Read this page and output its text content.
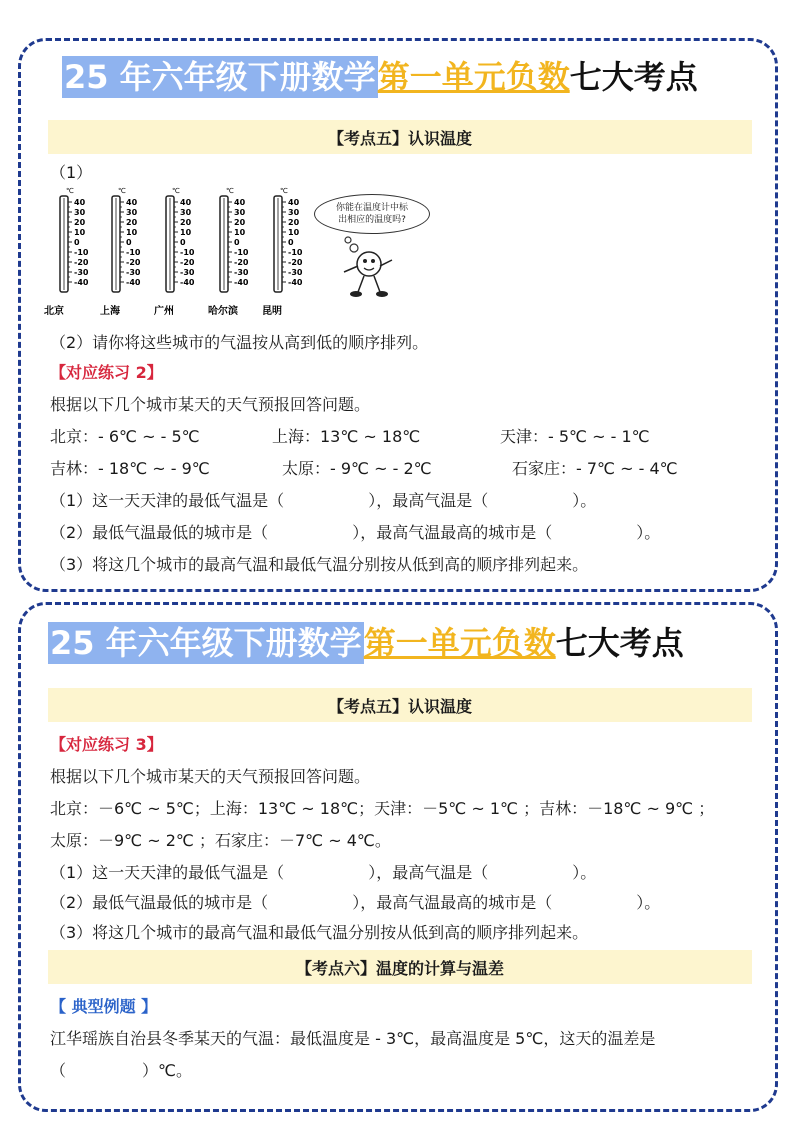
25 年六年级下册数学第一单元负数七大考点
【考点五】认识温度
（1）
℃
40
30
20
10
0
-10
-20
-30
-40
北京
℃
40
30
20
10
0
-10
-20
-30
-40
上海
℃
40
30
20
10
0
-10
-20
-30
-40
广州
℃
40
30
20
10
0
-10
-20
-30
-40
哈尔滨
℃
40
30
20
10
0
-10
-20
-30
-40
昆明
你能在温度计中标出相应的温度吗?
（2）请你将这些城市的气温按从高到低的顺序排列。
【对应练习 2】
根据以下几个城市某天的天气预报回答问题。
北京：- 6℃ ~ - 5℃	上海：13℃ ~ 18℃	天津：- 5℃ ~ - 1℃
吉林：- 18℃ ~ - 9℃	太原：- 9℃ ~ - 2℃	石家庄：- 7℃ ~ - 4℃
（1）这一天天津的最低气温是（	），最高气温是（	）。
（2）最低气温最低的城市是（	），最高气温最高的城市是（	）。
（3）将这几个城市的最高气温和最低气温分别按从低到高的顺序排列起来。
25 年六年级下册数学第一单元负数七大考点
【考点五】认识温度
【对应练习 3】
根据以下几个城市某天的天气预报回答问题。
北京：－6℃ ~ 5℃；上海：13℃ ~ 18℃；天津：－5℃ ~ 1℃ ；吉林：－18℃ ~ 9℃ ；
太原：－9℃ ~ 2℃ ；石家庄：－7℃ ~ 4℃。
（1）这一天天津的最低气温是（	），最高气温是（	）。
（2）最低气温最低的城市是（	），最高气温最高的城市是（	）。
（3）将这几个城市的最高气温和最低气温分别按从低到高的顺序排列起来。
【考点六】温度的计算与温差
【 典型例题 】
江华瑶族自治县冬季某天的气温：最低温度是 - 3℃，最高温度是 5℃，这天的温差是
（	）℃。
